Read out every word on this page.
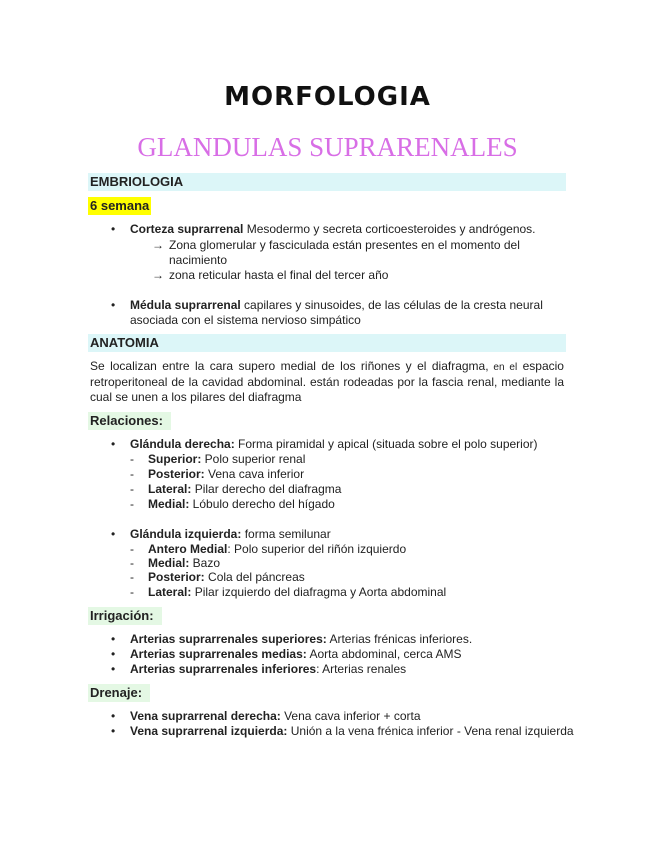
MORFOLOGIA
GLANDULAS SUPRARENALES
EMBRIOLOGIA
6 semana
• Corteza suprarrenal Mesodermo y secreta corticoesteroides y andrógenos.
→ Zona glomerular y fasciculada están presentes en el momento del nacimiento
→ zona reticular hasta el final del tercer año
• Médula suprarrenal capilares y sinusoides, de las células de la cresta neural asociada con el sistema nervioso simpático
ANATOMIA
Se localizan entre la cara supero medial de los riñones y el diafragma, en el espacio retroperitoneal de la cavidad abdominal. están rodeadas por la fascia renal, mediante la cual se unen a los pilares del diafragma
Relaciones:
• Glándula derecha: Forma piramidal y apical (situada sobre el polo superior)
- Superior: Polo superior renal
- Posterior: Vena cava inferior
- Lateral: Pilar derecho del diafragma
- Medial: Lóbulo derecho del hígado
• Glándula izquierda: forma semilunar
- Antero Medial: Polo superior del riñón izquierdo
- Medial: Bazo
- Posterior: Cola del páncreas
- Lateral: Pilar izquierdo del diafragma y Aorta abdominal
Irrigación:
• Arterias suprarrenales superiores: Arterias frénicas inferiores.
• Arterias suprarrenales medias: Aorta abdominal, cerca AMS
• Arterias suprarrenales inferiores: Arterias renales
Drenaje:
• Vena suprarrenal derecha: Vena cava inferior + corta
• Vena suprarrenal izquierda: Unión a la vena frénica inferior - Vena renal izquierda
